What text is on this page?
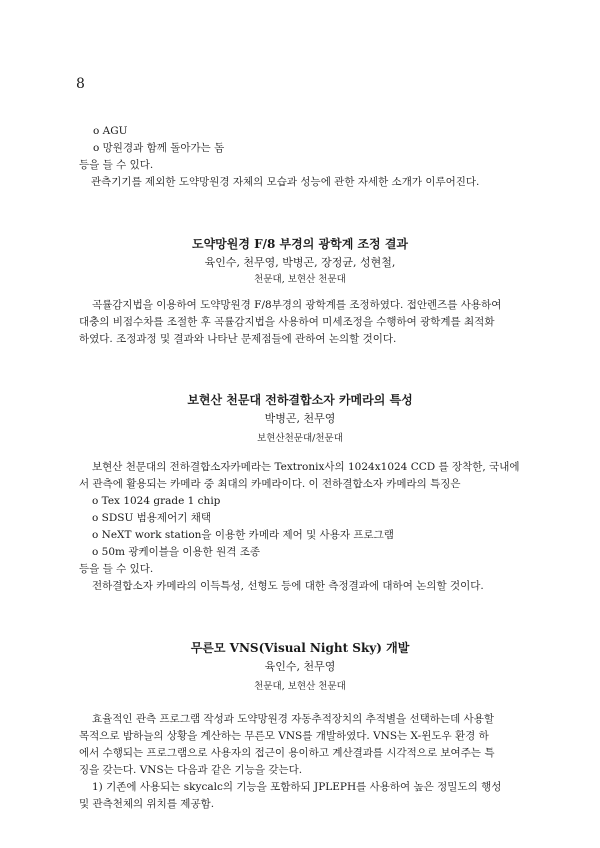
8
o AGU
o 망원경과 함께 돌아가는 돔
등을 들 수 있다.
관측기기를 제외한 도약망원경 자체의 모습과 성능에 관한 자세한 소개가 이루어진다.
도약망원경 F/8 부경의 광학계 조정 결과
육인수, 천무영, 박병곤, 장정균, 성현철,
천문대, 보현산 천문대
곡률감지법을 이용하여 도약망원경 F/8부경의 광학계를 조정하였다. 접안렌즈를 사용하여
대충의 비점수차를 조절한 후 곡률감지법을 사용하여 미세조정을 수행하여 광학계를 최적화
하였다. 조정과정 및 결과와 나타난 문제점들에 관하여 논의할 것이다.
보현산 천문대 전하결합소자 카메라의 특성
박병곤, 천무영
보현산천문대/천문대
보현산 천문대의 전하결합소자카메라는 Textronix사의 1024x1024 CCD 를 장착한, 국내에
서 관측에 활용되는 카메라 중 최대의 카메라이다. 이 전하결합소자 카메라의 특징은
o Tex 1024 grade 1 chip
o SDSU 범용제어기 채택
o NeXT work station을 이용한 카메라 제어 및 사용자 프로그램
o 50m 광케이블을 이용한 원격 조종
등을 들 수 있다.
전하결합소자 카메라의 이득특성, 선형도 등에 대한 측정결과에 대하여 논의할 것이다.
무른모 VNS(Visual Night Sky) 개발
육인수, 천무영
천문대, 보현산 천문대
효율적인 관측 프로그램 작성과 도약망원경 자동추적장치의 추적별을 선택하는데 사용할
목적으로 밤하늘의 상황을 계산하는 무른모 VNS를 개발하였다. VNS는 X-윈도우 환경 하
에서 수행되는 프로그램으로 사용자의 접근이 용이하고 계산결과를 시각적으로 보여주는 특
징을 갖는다. VNS는 다음과 같은 기능을 갖는다.
1) 기존에 사용되는 skycalc의 기능을 포함하되 JPLEPH를 사용하여 높은 정밀도의 행성
및 관측천체의 위치를 제공함.
